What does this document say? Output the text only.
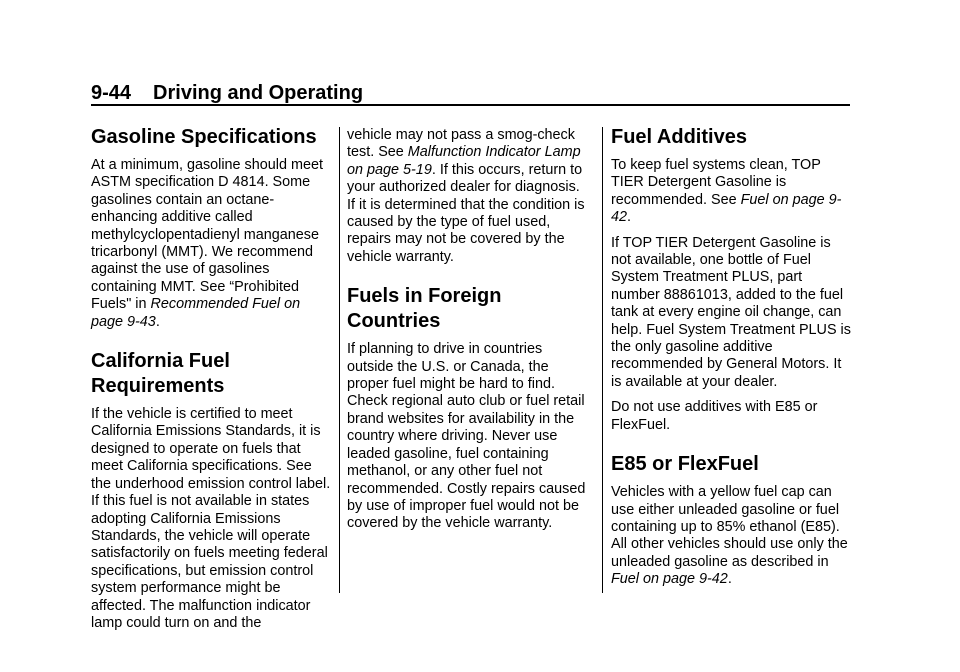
9-44 Driving and Operating
Gasoline Specifications

At a minimum, gasoline should meet ASTM specification D 4814. Some gasolines contain an octane-enhancing additive called methylcyclopentadienyl manganese tricarbonyl (MMT). We recommend against the use of gasolines containing MMT. See “Prohibited Fuels" in Recommended Fuel on page 9-43.

California Fuel
Requirements

If the vehicle is certified to meet California Emissions Standards, it is designed to operate on fuels that meet California specifications. See the underhood emission control label. If this fuel is not available in states adopting California Emissions Standards, the vehicle will operate satisfactorily on fuels meeting federal specifications, but emission control system performance might be affected. The malfunction indicator lamp could turn on and the

vehicle may not pass a smog-check test. See Malfunction Indicator Lamp on page 5-19. If this occurs, return to your authorized dealer for diagnosis. If it is determined that the condition is caused by the type of fuel used, repairs may not be covered by the vehicle warranty.

Fuels in Foreign
Countries

If planning to drive in countries outside the U.S. or Canada, the proper fuel might be hard to find. Check regional auto club or fuel retail brand websites for availability in the country where driving. Never use leaded gasoline, fuel containing methanol, or any other fuel not recommended. Costly repairs caused by use of improper fuel would not be covered by the vehicle warranty.

Fuel Additives

To keep fuel systems clean, TOP TIER Detergent Gasoline is recommended. See Fuel on page 9-42.

If TOP TIER Detergent Gasoline is not available, one bottle of Fuel System Treatment PLUS, part number 88861013, added to the fuel tank at every engine oil change, can help. Fuel System Treatment PLUS is the only gasoline additive recommended by General Motors. It is available at your dealer.

Do not use additives with E85 or FlexFuel.

E85 or FlexFuel

Vehicles with a yellow fuel cap can use either unleaded gasoline or fuel containing up to 85% ethanol (E85). All other vehicles should use only the unleaded gasoline as described in Fuel on page 9-42.
